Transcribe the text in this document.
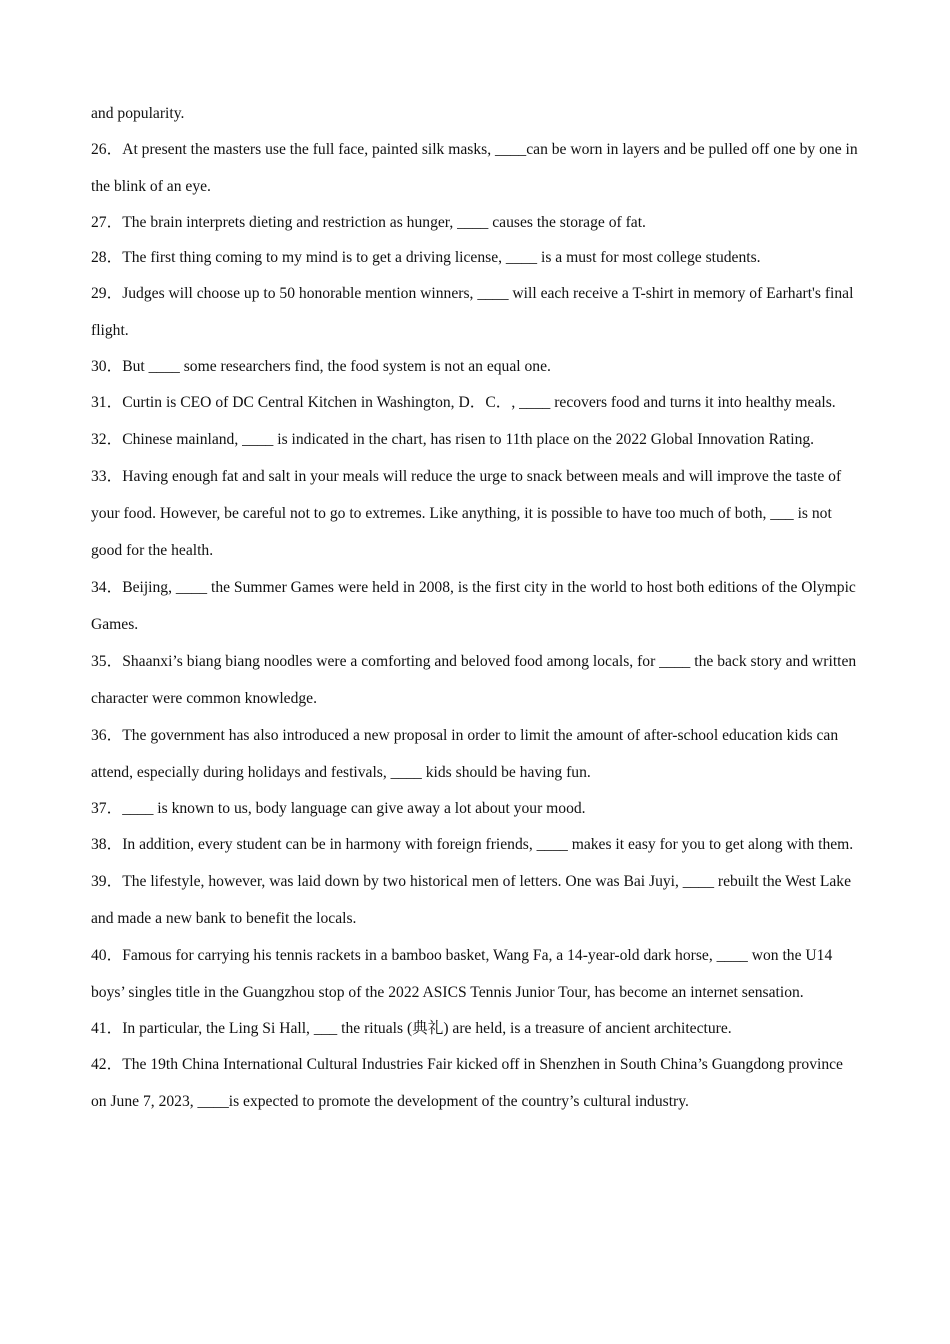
and popularity.

26．At present the masters use the full face, painted silk masks, ____can be worn in layers and be pulled off one by one in the blink of an eye.

27．The brain interprets dieting and restriction as hunger, ____ causes the storage of fat.

28．The first thing coming to my mind is to get a driving license, ____ is a must for most college students.

29．Judges will choose up to 50 honorable mention winners, ____ will each receive a T-shirt in memory of Earhart's final flight.

30．But ____ some researchers find, the food system is not an equal one.

31．Curtin is CEO of DC Central Kitchen in Washington, D．C．, ____ recovers food and turns it into healthy meals.

32．Chinese mainland, ____ is indicated in the chart, has risen to 11th place on the 2022 Global Innovation Rating.

33．Having enough fat and salt in your meals will reduce the urge to snack between meals and will improve the taste of your food. However, be careful not to go to extremes. Like anything, it is possible to have too much of both, ___ is not good for the health.

34．Beijing, ____ the Summer Games were held in 2008, is the first city in the world to host both editions of the Olympic Games.

35．Shaanxi’s biang biang noodles were a comforting and beloved food among locals, for ____ the back story and written character were common knowledge.

36．The government has also introduced a new proposal in order to limit the amount of after-school education kids can attend, especially during holidays and festivals, ____ kids should be having fun.

37．____ is known to us, body language can give away a lot about your mood.

38．In addition, every student can be in harmony with foreign friends, ____ makes it easy for you to get along with them.

39．The lifestyle, however, was laid down by two historical men of letters. One was Bai Juyi, ____ rebuilt the West Lake and made a new bank to benefit the locals.

40．Famous for carrying his tennis rackets in a bamboo basket, Wang Fa, a 14-year-old dark horse, ____ won the U14 boys’ singles title in the Guangzhou stop of the 2022 ASICS Tennis Junior Tour, has become an internet sensation.

41．In particular, the Ling Si Hall, ___ the rituals (典礼) are held, is a treasure of ancient architecture.

42．The 19th China International Cultural Industries Fair kicked off in Shenzhen in South China’s Guangdong province on June 7, 2023, ____is expected to promote the development of the country’s cultural industry.
